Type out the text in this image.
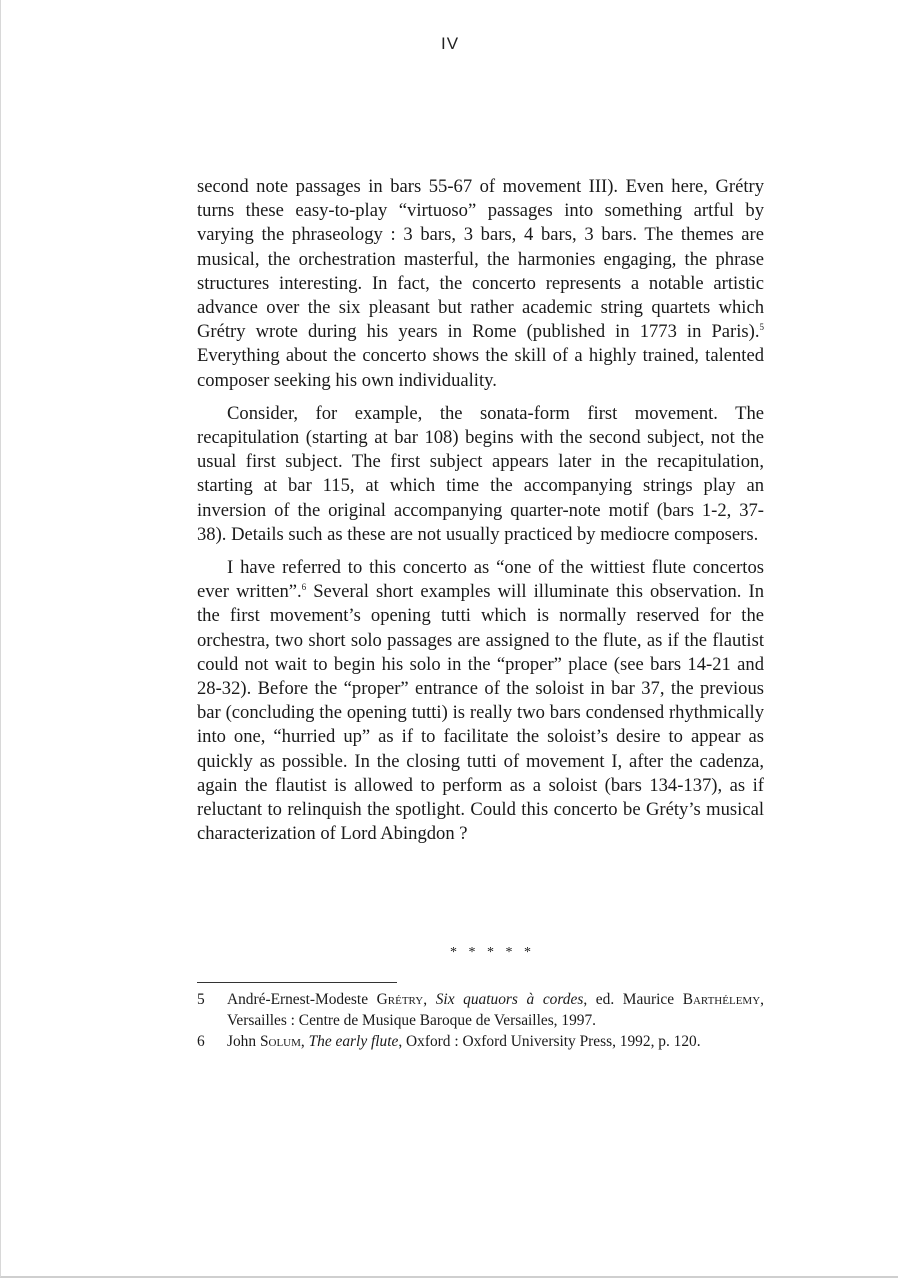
IV

second note passages in bars 55-67 of movement III). Even here, Grétry turns these easy-to-play “virtuoso” passages into something artful by varying the phraseology : 3 bars, 3 bars, 4 bars, 3 bars. The themes are musical, the orchestration masterful, the harmonies engaging, the phrase structures interesting. In fact, the concerto represents a notable artistic advance over the six pleasant but rather academic string quartets which Grétry wrote during his years in Rome (published in 1773 in Paris).$^5$ Everything about the concerto shows the skill of a highly trained, talented composer seeking his own individuality.

Consider, for example, the sonata-form first movement. The recapitulation (starting at bar 108) begins with the second subject, not the usual first subject. The first subject appears later in the recapitulation, starting at bar 115, at which time the accompanying strings play an inversion of the original accompanying quarter-note motif (bars 1-2, 37-38). Details such as these are not usually practiced by mediocre composers.

I have referred to this concerto as “one of the wittiest flute concertos ever written”.$^6$ Several short examples will illuminate this observation. In the first movement’s opening tutti which is normally reserved for the orchestra, two short solo passages are assigned to the flute, as if the flautist could not wait to begin his solo in the “proper” place (see bars 14-21 and 28-32). Before the “proper” entrance of the soloist in bar 37, the previous bar (concluding the opening tutti) is really two bars condensed rhythmically into one, “hurried up” as if to facilitate the soloist’s desire to appear as quickly as possible. In the closing tutti of movement I, after the cadenza, again the flautist is allowed to perform as a soloist (bars 134-137), as if reluctant to relinquish the spotlight. Could this concerto be Gréty’s musical characterization of Lord Abingdon ?

* * * * *
5	André-Ernest-Modeste Grétry, Six quatuors à cordes, ed. Maurice Barthélemy, Versailles : Centre de Musique Baroque de Versailles, 1997.
6	John Solum, The early flute, Oxford : Oxford University Press, 1992, p. 120.
